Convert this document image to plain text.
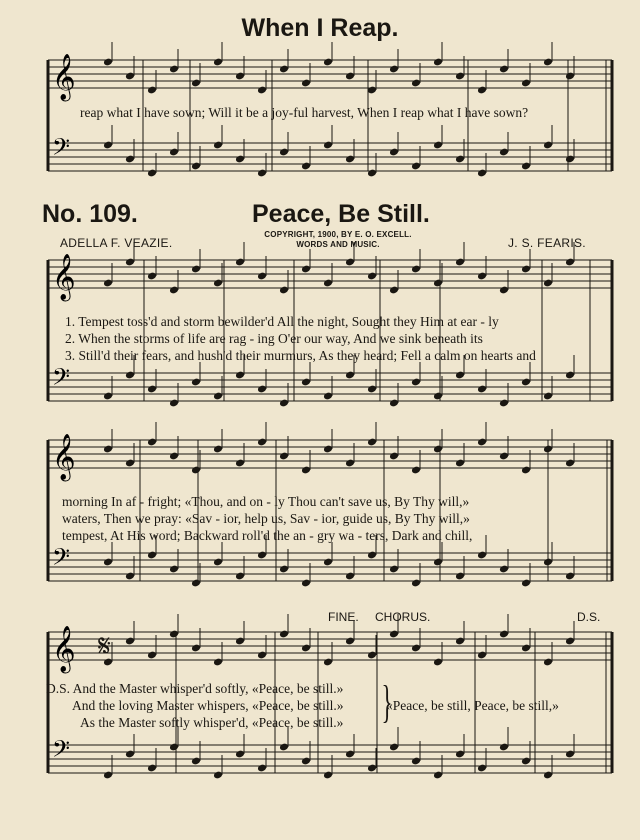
When I Reap.
No. 109.	Peace, Be Still.
COPYRIGHT, 1900, BY E. O. EXCELL.
WORDS AND MUSIC.
ADELLA F. VEAZIE.	J. S. FEARIS.
𝄞
𝄢
𝄞
𝄢
𝄞
𝄢
𝄞
𝄢
reap what I have sown; Will it be a joy-ful harvest, When I reap what I have sown?
1. Tempest toss'd and storm bewilder'd All the night, Sought they Him at ear - ly
2. When the storms of life are rag - ing O'er our way, And we sink beneath its
3. Still'd their fears, and hush'd their murmurs, As they heard; Fell a calm on hearts and
morning In af - fright; «Thou, and on - ly Thou can't save us, By Thy will,»
waters, Then we pray: «Sav - ior, help us, Sav - ior, guide us, By Thy will,»
tempest, At His word; Backward roll'd the an - gry wa - ters, Dark and chill,
𝄋
FINE. CHORUS.	D.S.
D.S. And the Master whisper'd softly, «Peace, be still.»
And the loving Master whispers, «Peace, be still.»
As the Master softly whisper'd, «Peace, be still.» }
«Peace, be still, Peace, be still,»
